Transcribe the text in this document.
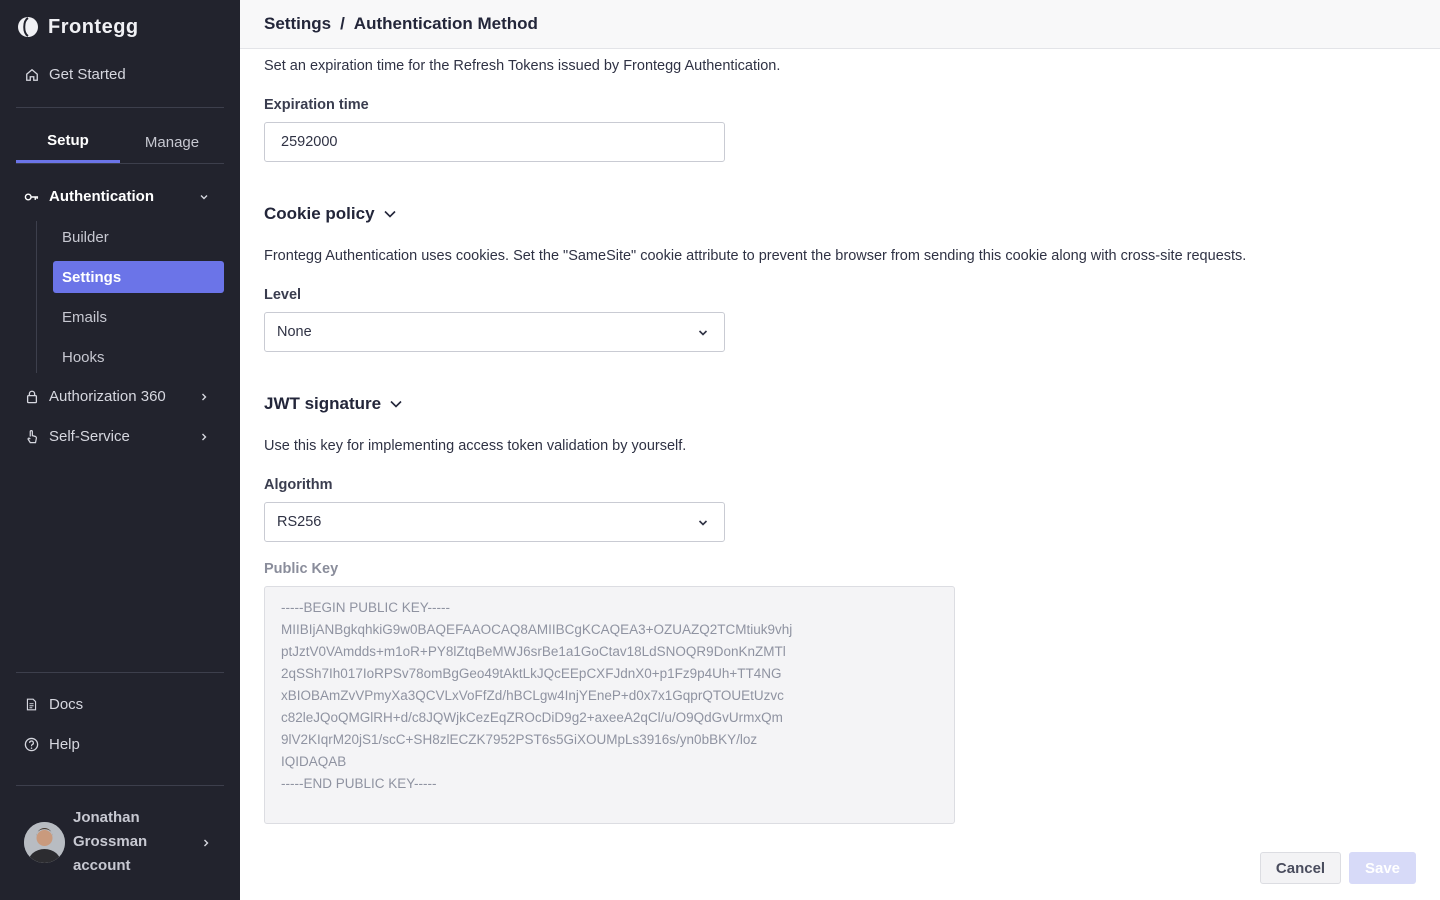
Frontegg
Get Started
Setup	Manage
Authentication
Builder
Settings
Emails
Hooks
Authorization 360
Self-Service
Docs
Help
Jonathan
Grossman
account
Settings / Authentication Method
Set an expiration time for the Refresh Tokens issued by Frontegg Authentication.
Expiration time
2592000
Cookie policy
Frontegg Authentication uses cookies. Set the "SameSite" cookie attribute to prevent the browser from sending this cookie along with cross-site requests.
Level
None
JWT signature
Use this key for implementing access token validation by yourself.
Algorithm
RS256
Public Key
-----BEGIN PUBLIC KEY-----
MIIBIjANBgkqhkiG9w0BAQEFAAOCAQ8AMIIBCgKCAQEA3+OZUAZQ2TCMtiuk9vhj
ptJztV0VAmdds+m1oR+PY8lZtqBeMWJ6srBe1a1GoCtav18LdSNOQR9DonKnZMTl
2qSSh7Ih017IoRPSv78omBgGeo49tAktLkJQcEEpCXFJdnX0+p1Fz9p4Uh+TT4NG
xBIOBAmZvVPmyXa3QCVLxVoFfZd/hBCLgw4InjYEneP+d0x7x1GqprQTOUEtUzvc
c82leJQoQMGlRH+d/c8JQWjkCezEqZROcDiD9g2+axeeA2qCl/u/O9QdGvUrmxQm
9lV2KIqrM20jS1/scC+SH8zlECZK7952PST6s5GiXOUMpLs3916s/yn0bBKY/loz
IQIDAQAB
-----END PUBLIC KEY-----
Cancel	Save
